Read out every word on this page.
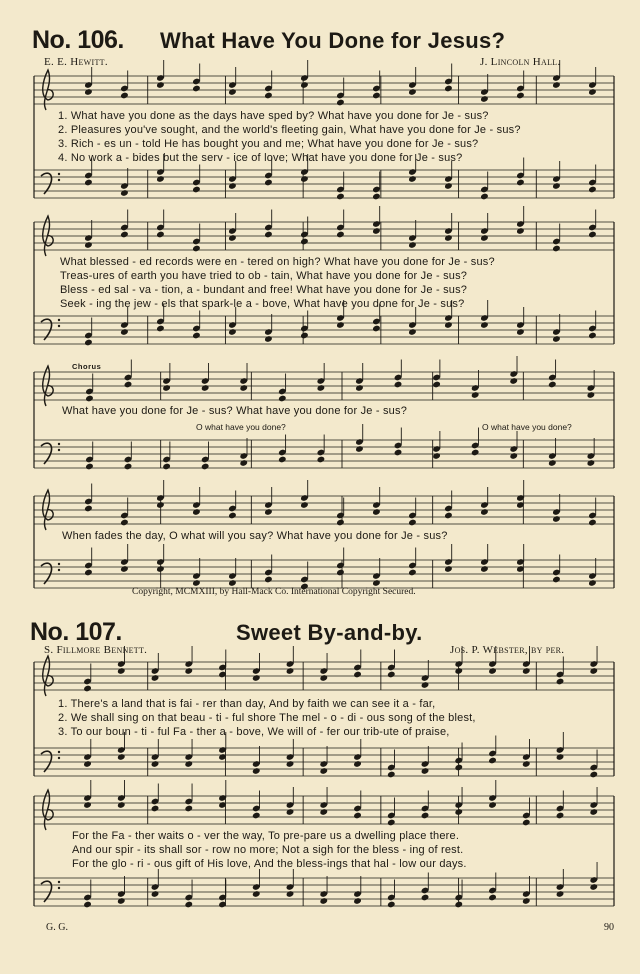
No. 106. What Have You Done for Jesus?
E. E. Hewitt.	J. Lincoln Hall.
1. What have you done as the days have sped by? What have you done for Je - sus?
2. Pleasures you've sought, and the world's fleeting gain, What have you done for Je - sus?
3. Rich - es un - told He has bought you and me; What have you done for Je - sus?
4. No work a - bides but the serv - ice of love; What have you done for Je - sus?
What blessed - ed records were en - tered on high? What have you done for Je - sus?
Treas-ures of earth you have tried to ob - tain, What have you done for Je - sus?
Bless - ed sal - va - tion, a - bundant and free! What have you done for Je - sus?
Seek - ing the jew - els that spark-le a - bove, What have you done for Je - sus?
Chorus
What have you done for Je - sus? What have you done for Je - sus?
O what have you done?	O what have you done?
When fades the day, O what will you say? What have you done for Je - sus?
Copyright, MCMXIII, by Hall-Mack Co. International Copyright Secured.
No. 107.	Sweet By-and-by.
S. Fillmore Bennett.	Jos. P. Webster, by per.
1. There's a land that is fai - rer than day, And by faith we can see it a - far,
2. We shall sing on that beau - ti - ful shore The mel - o - di - ous song of the blest,
3. To our boun - ti - ful Fa - ther a - bove, We will of - fer our trib-ute of praise,
For the Fa - ther waits o - ver the way, To pre-pare us a dwelling place there.
And our spir - its shall sor - row no more; Not a sigh for the bless - ing of rest.
For the glo - ri - ous gift of His love, And the bless-ings that hal - low our days.
G. G.	90
